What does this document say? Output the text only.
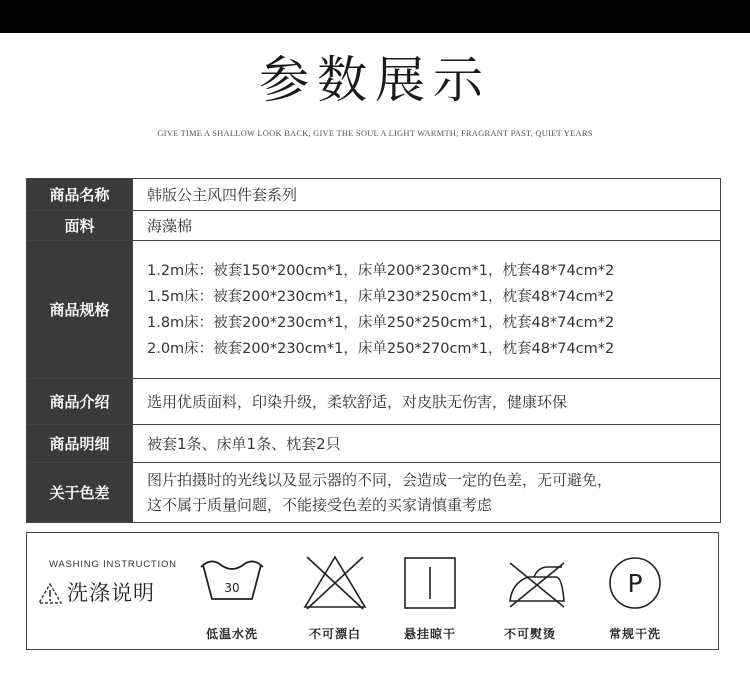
参数展示
GIVE TIME A SHALLOW LOOK BACK, GIVE THE SOUL A LIGHT WARMTH; FRAGRANT PAST, QUIET YEARS
商品名称	韩版公主风四件套系列
面料	海藻棉
商品规格	1.2m床：被套150*200cm*1，床单200*230cm*1，枕套48*74cm*2
1.5m床：被套200*230cm*1，床单230*250cm*1，枕套48*74cm*2
1.8m床：被套200*230cm*1，床单250*250cm*1，枕套48*74cm*2
2.0m床：被套200*230cm*1，床单250*270cm*1，枕套48*74cm*2

商品介绍	选用优质面料，印染升级，柔软舒适，对皮肤无伤害，健康环保
商品明细	被套1条、床单1条、枕套2只
关于色差	图片拍摄时的光线以及显示器的不同，会造成一定的色差，无可避免，
这不属于质量问题，不能接受色差的买家请慎重考虑
WASHING INSTRUCTION
洗涤说明	30
低温水洗	不可漂白	悬挂晾干	不可熨烫
P
常规干洗
